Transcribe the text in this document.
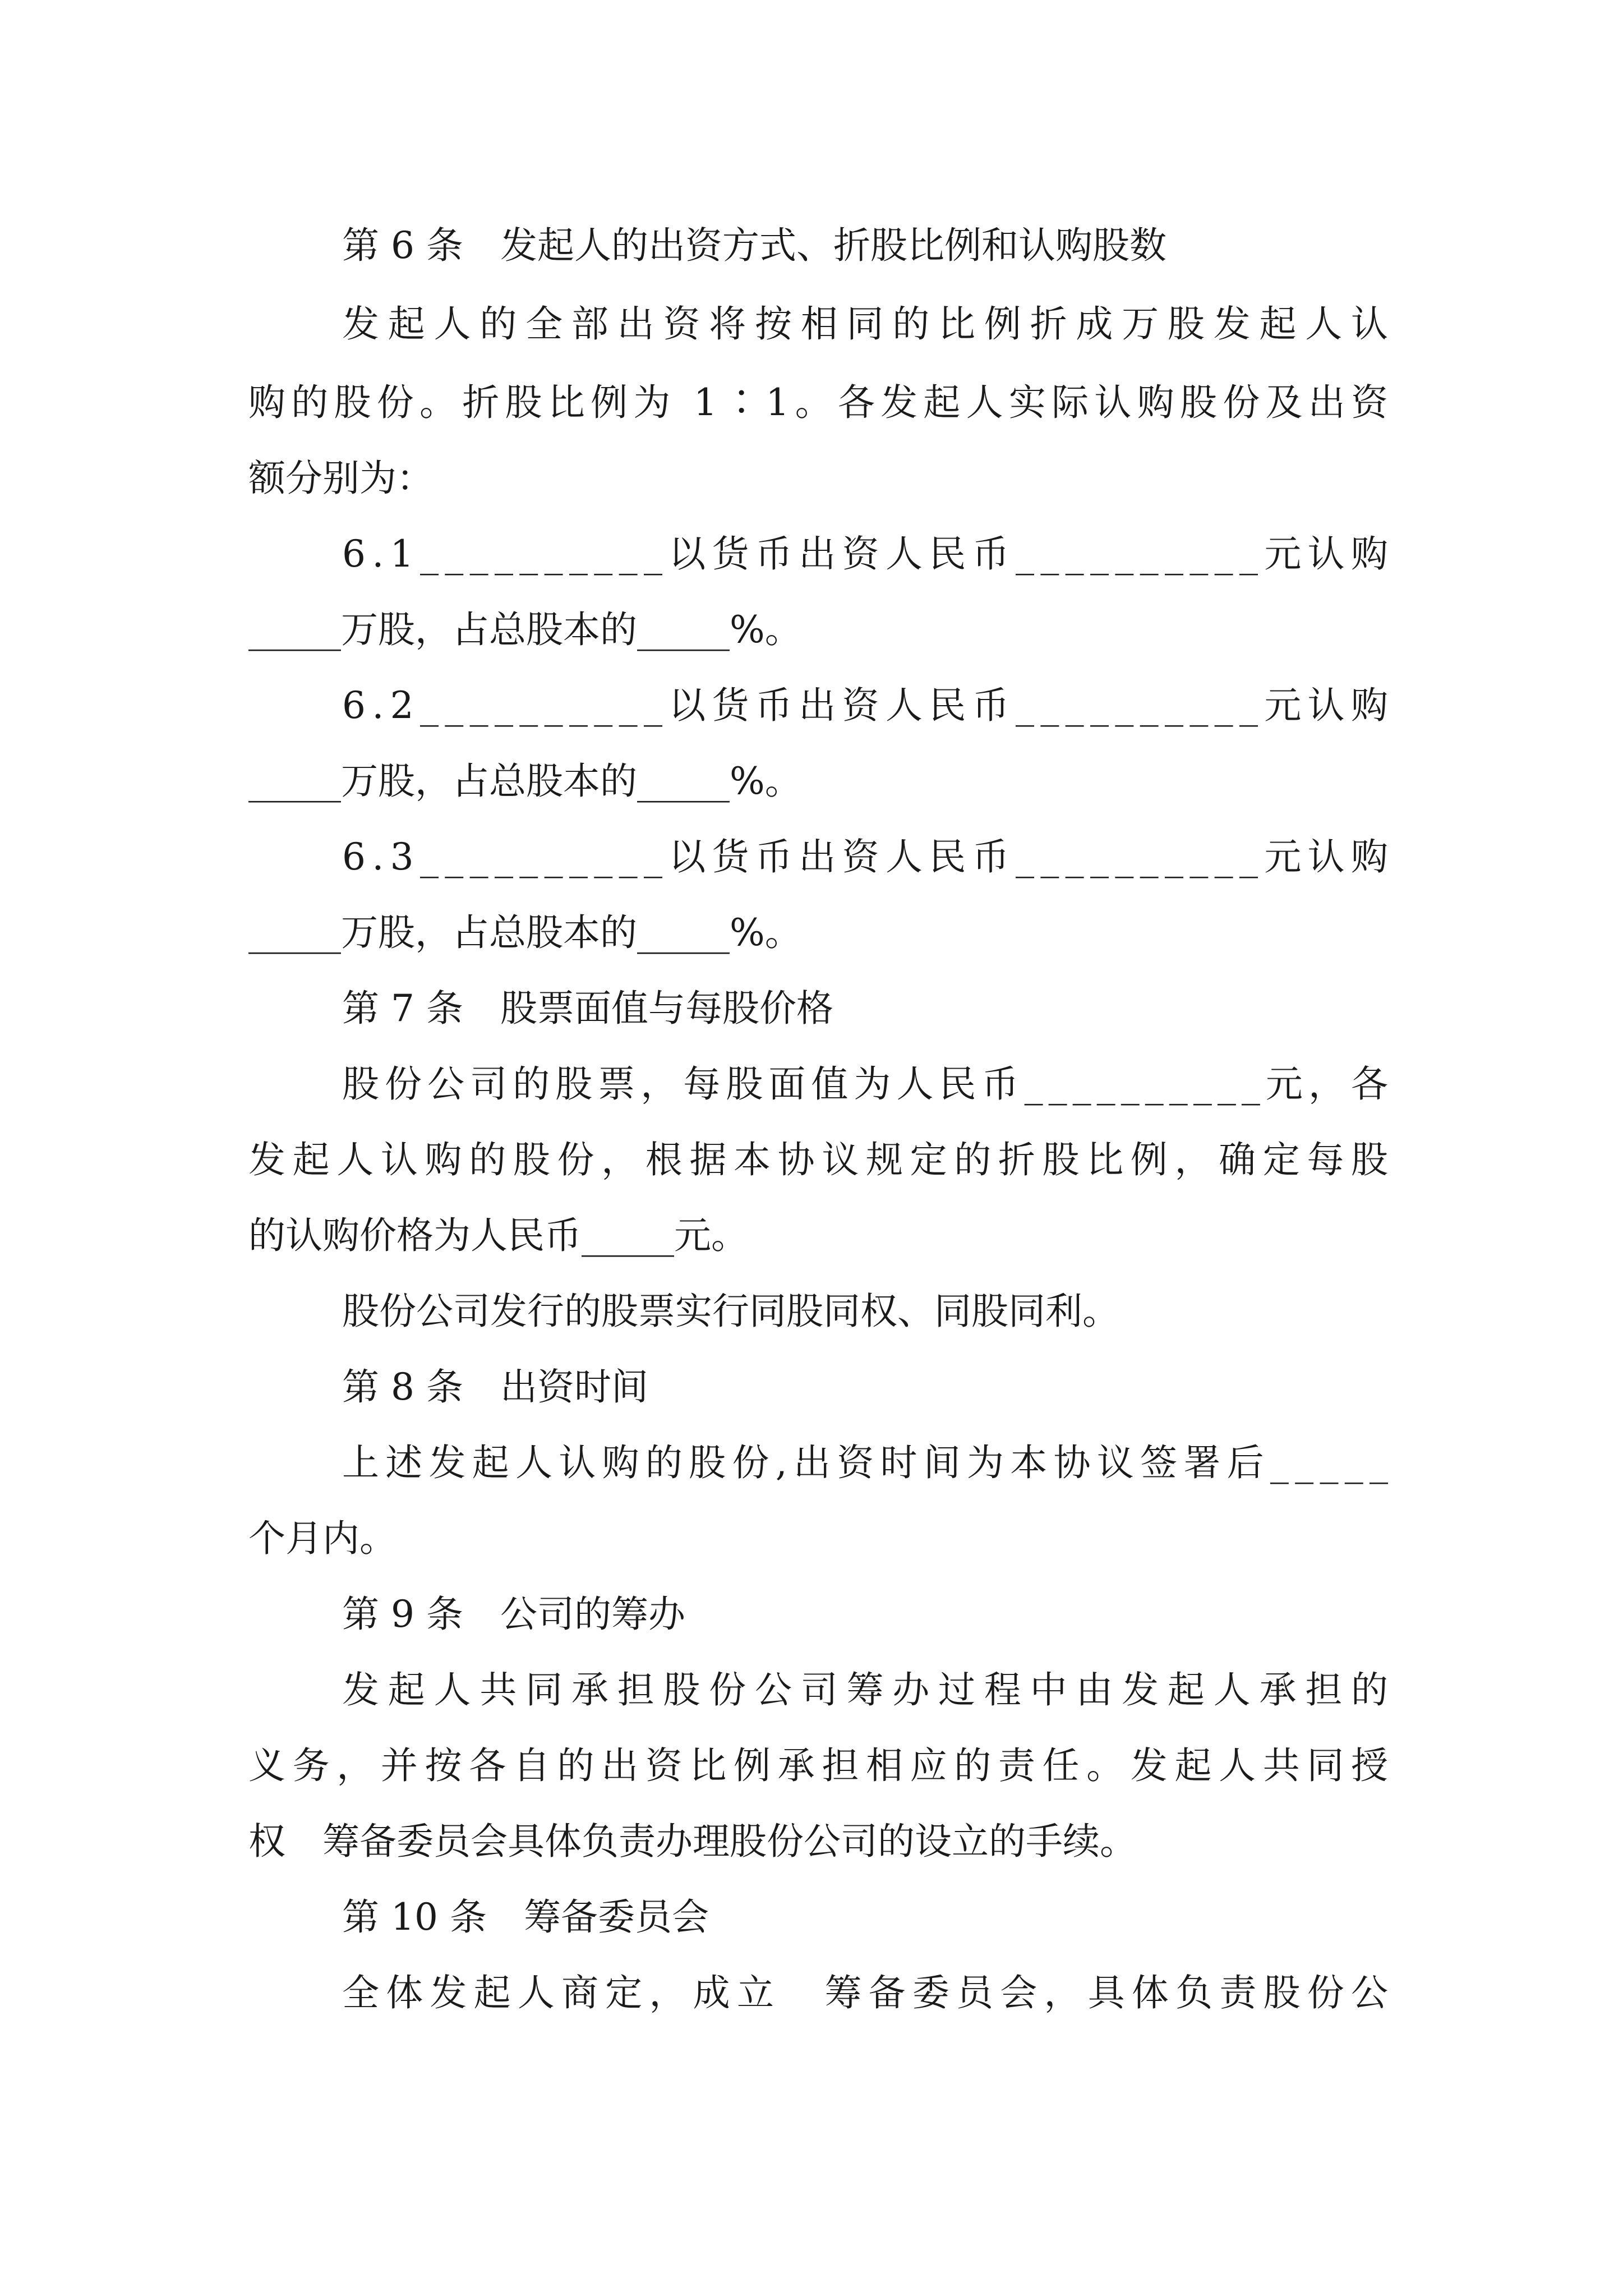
第 6 条　发起人的出资方式、折股比例和认购股数
发起人的全部出资将按相同的比例折成万股发起人认
购的股份。折股比例为 1∶1。各发起人实际认购股份及出资
额分别为：
6.1__________以货币出资人民币__________元认购
_____万股，占总股本的_____%。
6.2__________以货币出资人民币__________元认购
_____万股，占总股本的_____%。
6.3__________以货币出资人民币__________元认购
_____万股，占总股本的_____%。
第 7 条　股票面值与每股价格
股份公司的股票，每股面值为人民币__________元，各
发起人认购的股份，根据本协议规定的折股比例，确定每股
的认购价格为人民币_____元。
股份公司发行的股票实行同股同权、同股同利。
第 8 条　出资时间
上述发起人认购的股份,出资时间为本协议签署后_____
个月内。
第 9 条　公司的筹办
发起人共同承担股份公司筹办过程中由发起人承担的
义务，并按各自的出资比例承担相应的责任。发起人共同授
权　筹备委员会具体负责办理股份公司的设立的手续。
第 10 条　筹备委员会
全体发起人商定，成立　筹备委员会，具体负责股份公
